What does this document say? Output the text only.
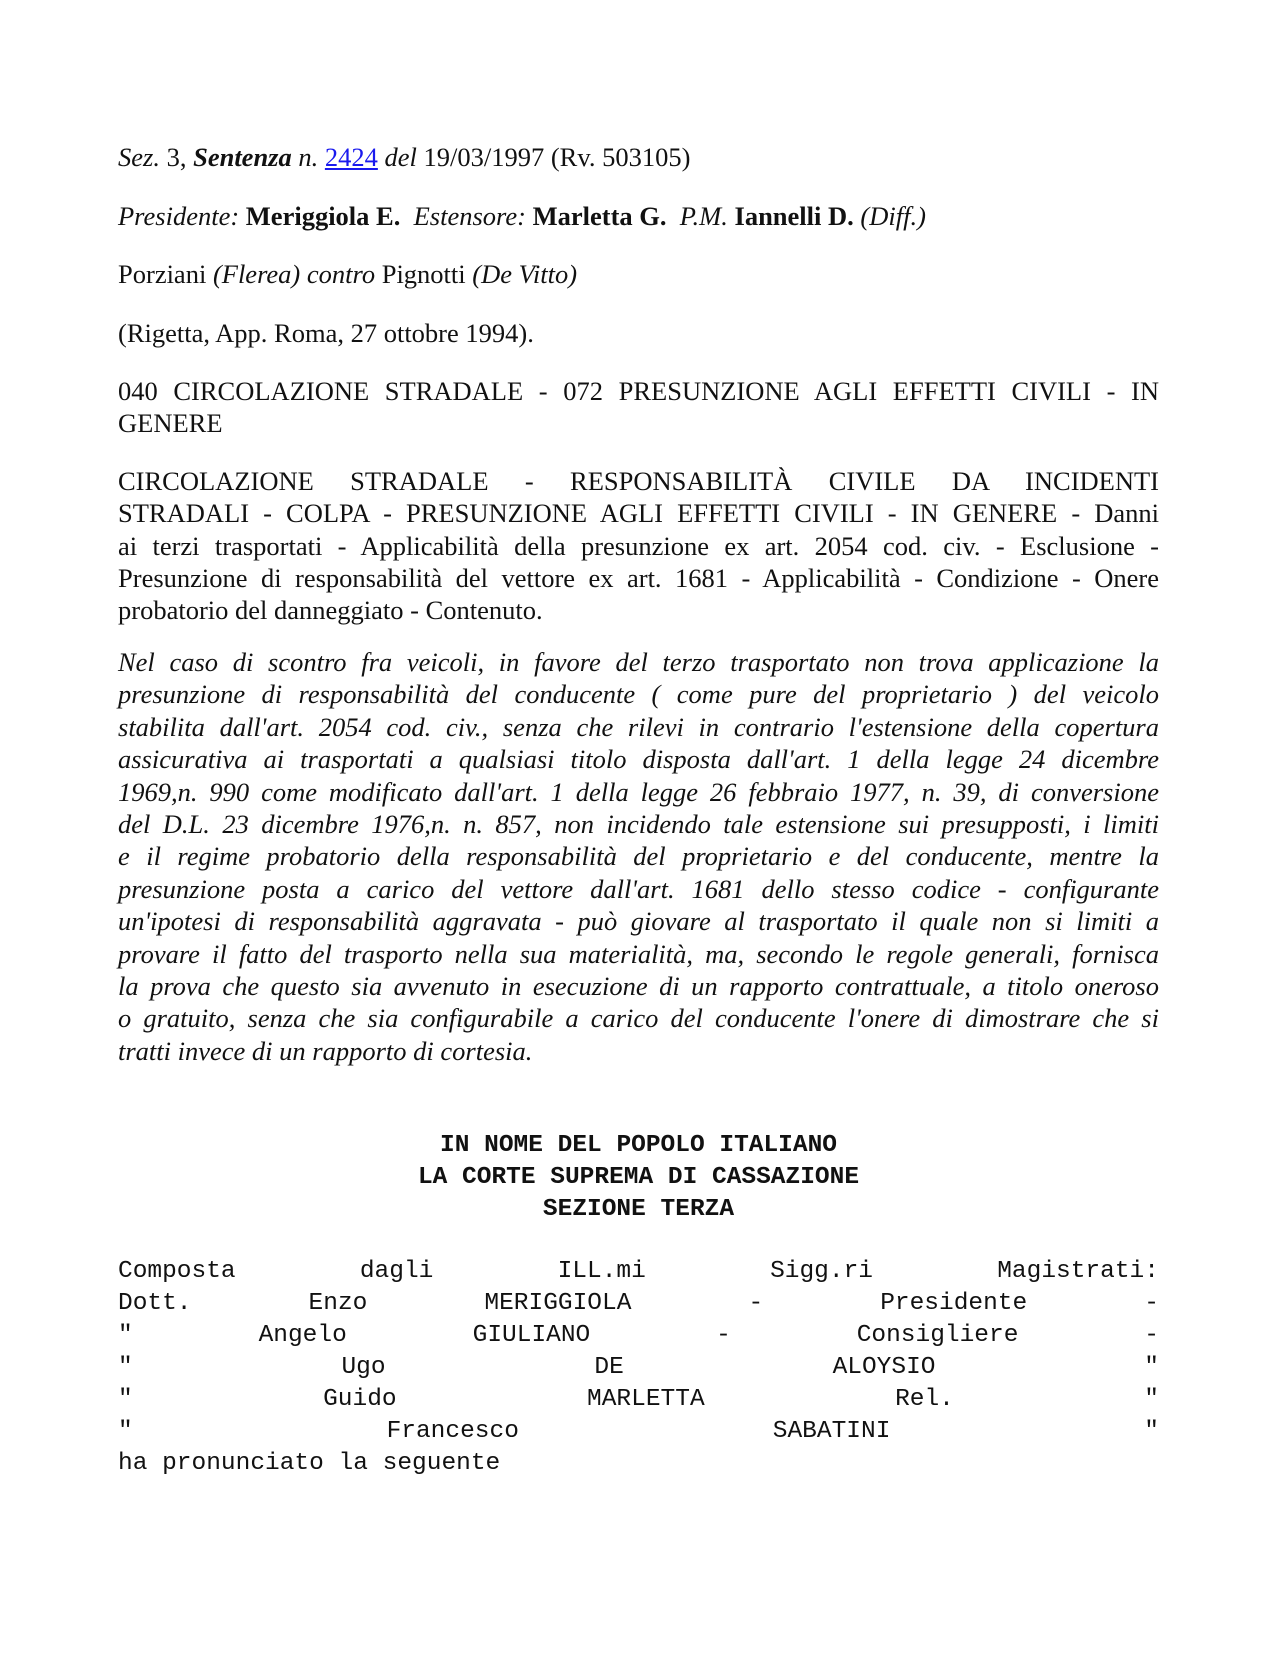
Sez. 3, Sentenza n. 2424 del 19/03/1997 (Rv. 503105)
Presidente: Meriggiola E. Estensore: Marletta G. P.M. Iannelli D. (Diff.)
Porziani (Flerea) contro Pignotti (De Vitto)
(Rigetta, App. Roma, 27 ottobre 1994).
040 CIRCOLAZIONE STRADALE - 072 PRESUNZIONE AGLI EFFETTI CIVILI - IN
GENERE
CIRCOLAZIONE STRADALE - RESPONSABILITÀ CIVILE DA INCIDENTI
STRADALI - COLPA - PRESUNZIONE AGLI EFFETTI CIVILI - IN GENERE - Danni
ai terzi trasportati - Applicabilità della presunzione ex art. 2054 cod. civ. - Esclusione -
Presunzione di responsabilità del vettore ex art. 1681 - Applicabilità - Condizione - Onere
probatorio del danneggiato - Contenuto.
Nel caso di scontro fra veicoli, in favore del terzo trasportato non trova applicazione la
presunzione di responsabilità del conducente ( come pure del proprietario ) del veicolo
stabilita dall'art. 2054 cod. civ., senza che rilevi in contrario l'estensione della copertura
assicurativa ai trasportati a qualsiasi titolo disposta dall'art. 1 della legge 24 dicembre
1969,n. 990 come modificato dall'art. 1 della legge 26 febbraio 1977, n. 39, di conversione
del D.L. 23 dicembre 1976,n. n. 857, non incidendo tale estensione sui presupposti, i limiti
e il regime probatorio della responsabilità del proprietario e del conducente, mentre la
presunzione posta a carico del vettore dall'art. 1681 dello stesso codice - configurante
un'ipotesi di responsabilità aggravata - può giovare al trasportato il quale non si limiti a
provare il fatto del trasporto nella sua materialità, ma, secondo le regole generali, fornisca
la prova che questo sia avvenuto in esecuzione di un rapporto contrattuale, a titolo oneroso
o gratuito, senza che sia configurabile a carico del conducente l'onere di dimostrare che si
tratti invece di un rapporto di cortesia.
IN NOME DEL POPOLO ITALIANO
LA CORTE SUPREMA DI CASSAZIONE
SEZIONE TERZA
Composta	dagli	ILL.mi	Sigg.ri	Magistrati:
Dott.	Enzo	MERIGGIOLA	-	Presidente	-
"	Angelo	GIULIANO	-	Consigliere	-
"	Ugo	DE	ALOYSIO	"
"	Guido	MARLETTA	Rel.	"
"	Francesco	SABATINI	"
ha pronunciato la seguente
